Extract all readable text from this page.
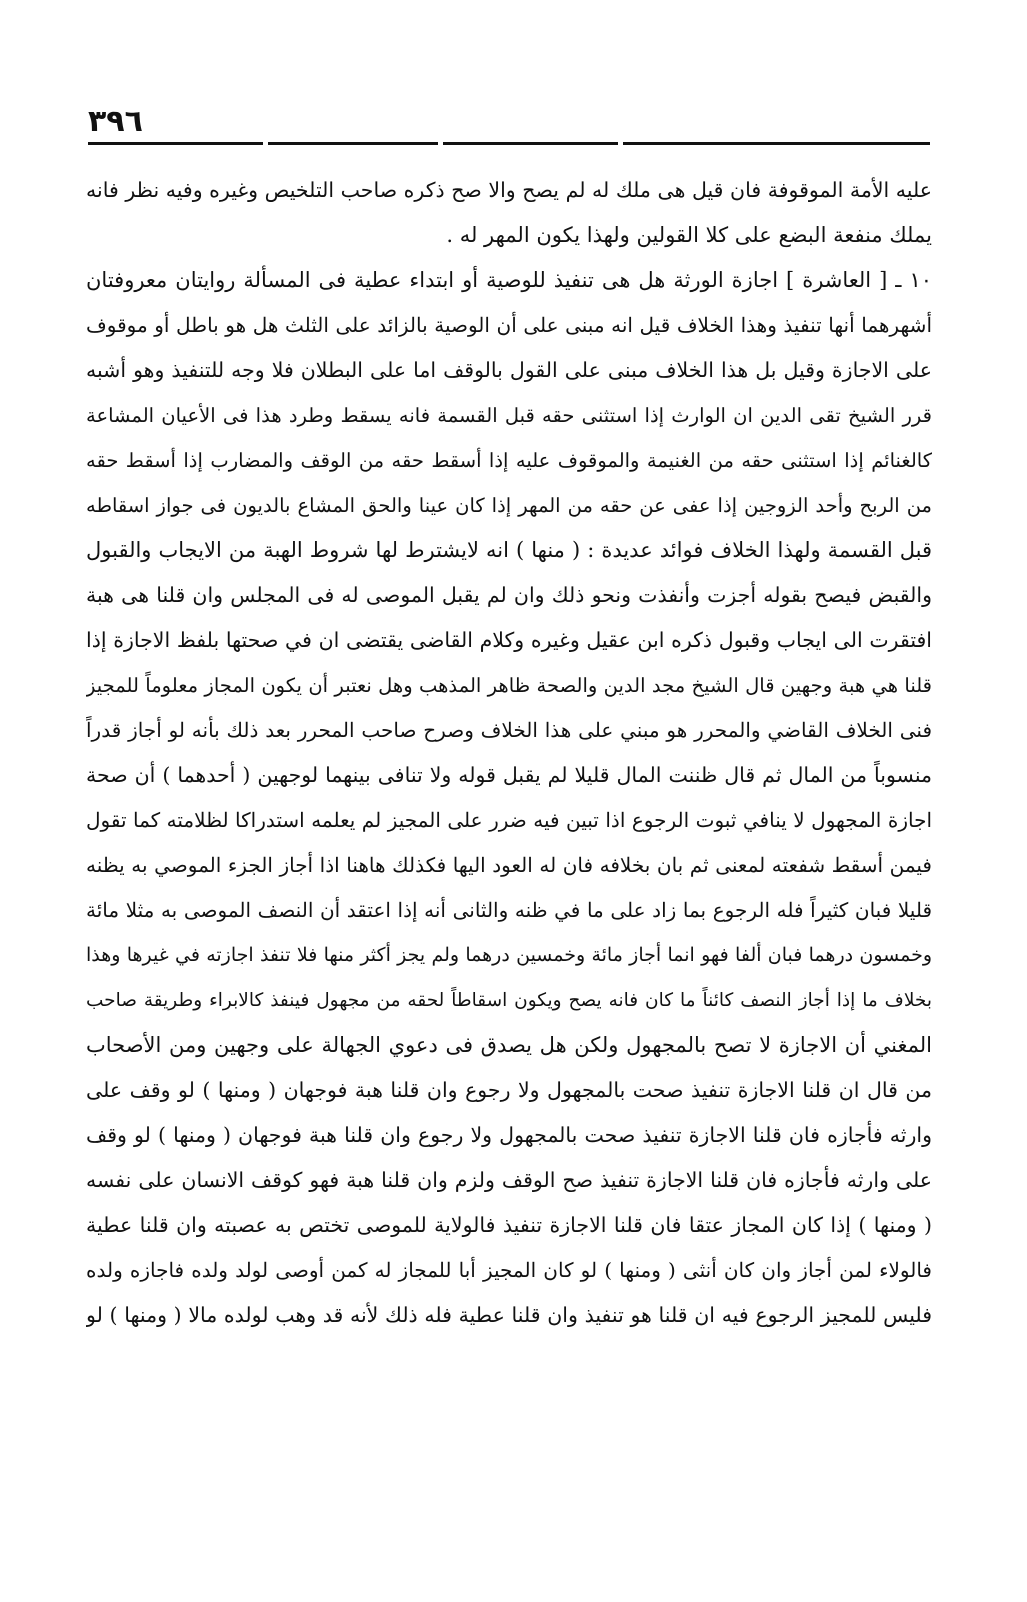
٣٩٦
عليه الأمة الموقوفة فان قيل هى ملك له لم يصح والا صح ذكره صاحب التلخيص وغيره وفيه نظر فانه
يملك منفعة البضع على كلا القولين ولهذا يكون المهر له .
١٠ ـ [ العاشرة ] اجازة الورثة هل هى تنفيذ للوصية أو ابتداء عطية فى المسألة روايتان معروفتان
أشهرهما أنها تنفيذ وهذا الخلاف قيل انه مبنى على أن الوصية بالزائد على الثلث هل هو باطل أو موقوف
على الاجازة وقيل بل هذا الخلاف مبنى على القول بالوقف اما على البطلان فلا وجه للتنفيذ وهو أشبه
قرر الشيخ تقى الدين ان الوارث إذا استثنى حقه قبل القسمة فانه يسقط وطرد هذا فى الأعيان المشاعة
كالغنائم إذا استثنى حقه من الغنيمة والموقوف عليه إذا أسقط حقه من الوقف والمضارب إذا أسقط حقه
من الربح وأحد الزوجين إذا عفى عن حقه من المهر إذا كان عينا والحق المشاع بالديون فى جواز اسقاطه
قبل القسمة ولهذا الخلاف فوائد عديدة : ( منها ) انه لايشترط لها شروط الهبة من الايجاب والقبول
والقبض فيصح بقوله أجزت وأنفذت ونحو ذلك وان لم يقبل الموصى له فى المجلس وان قلنا هى هبة
افتقرت الى ايجاب وقبول ذكره ابن عقيل وغيره وكلام القاضى يقتضى ان في صحتها بلفظ الاجازة إذا
قلنا هي هبة وجهين قال الشيخ مجد الدين والصحة ظاهر المذهب وهل نعتبر أن يكون المجاز معلوماً للمجيز
فنى الخلاف القاضي والمحرر هو مبني على هذا الخلاف وصرح صاحب المحرر بعد ذلك بأنه لو أجاز قدراً
منسوباً من المال ثم قال ظننت المال قليلا لم يقبل قوله ولا تنافى بينهما لوجهين ( أحدهما ) أن صحة
اجازة المجهول لا ينافي ثبوت الرجوع اذا تبين فيه ضرر على المجيز لم يعلمه استدراكا لظلامته كما تقول
فيمن أسقط شفعته لمعنى ثم بان بخلافه فان له العود اليها فكذلك هاهنا اذا أجاز الجزء الموصي به يظنه
قليلا فبان كثيراً فله الرجوع بما زاد على ما في ظنه والثانى أنه إذا اعتقد أن النصف الموصى به مثلا مائة
وخمسون درهما فبان ألفا فهو انما أجاز مائة وخمسين درهما ولم يجز أكثر منها فلا تنفذ اجازته في غيرها وهذا
بخلاف ما إذا أجاز النصف كائناً ما كان فانه يصح ويكون اسقاطاً لحقه من مجهول فينفذ كالابراء وطريقة صاحب
المغني أن الاجازة لا تصح بالمجهول ولكن هل يصدق فى دعوي الجهالة على وجهين ومن الأصحاب
من قال ان قلنا الاجازة تنفيذ صحت بالمجهول ولا رجوع وان قلنا هبة فوجهان ( ومنها ) لو وقف على
وارثه فأجازه فان قلنا الاجازة تنفيذ صحت بالمجهول ولا رجوع وان قلنا هبة فوجهان ( ومنها ) لو وقف
على وارثه فأجازه فان قلنا الاجازة تنفيذ صح الوقف ولزم وان قلنا هبة فهو كوقف الانسان على نفسه
( ومنها ) إذا كان المجاز عتقا فان قلنا الاجازة تنفيذ فالولاية للموصى تختص به عصبته وان قلنا عطية
فالولاء لمن أجاز وان كان أنثى ( ومنها ) لو كان المجيز أبا للمجاز له كمن أوصى لولد ولده فاجازه ولده
فليس للمجيز الرجوع فيه ان قلنا هو تنفيذ وان قلنا عطية فله ذلك لأنه قد وهب لولده مالا ( ومنها ) لو
